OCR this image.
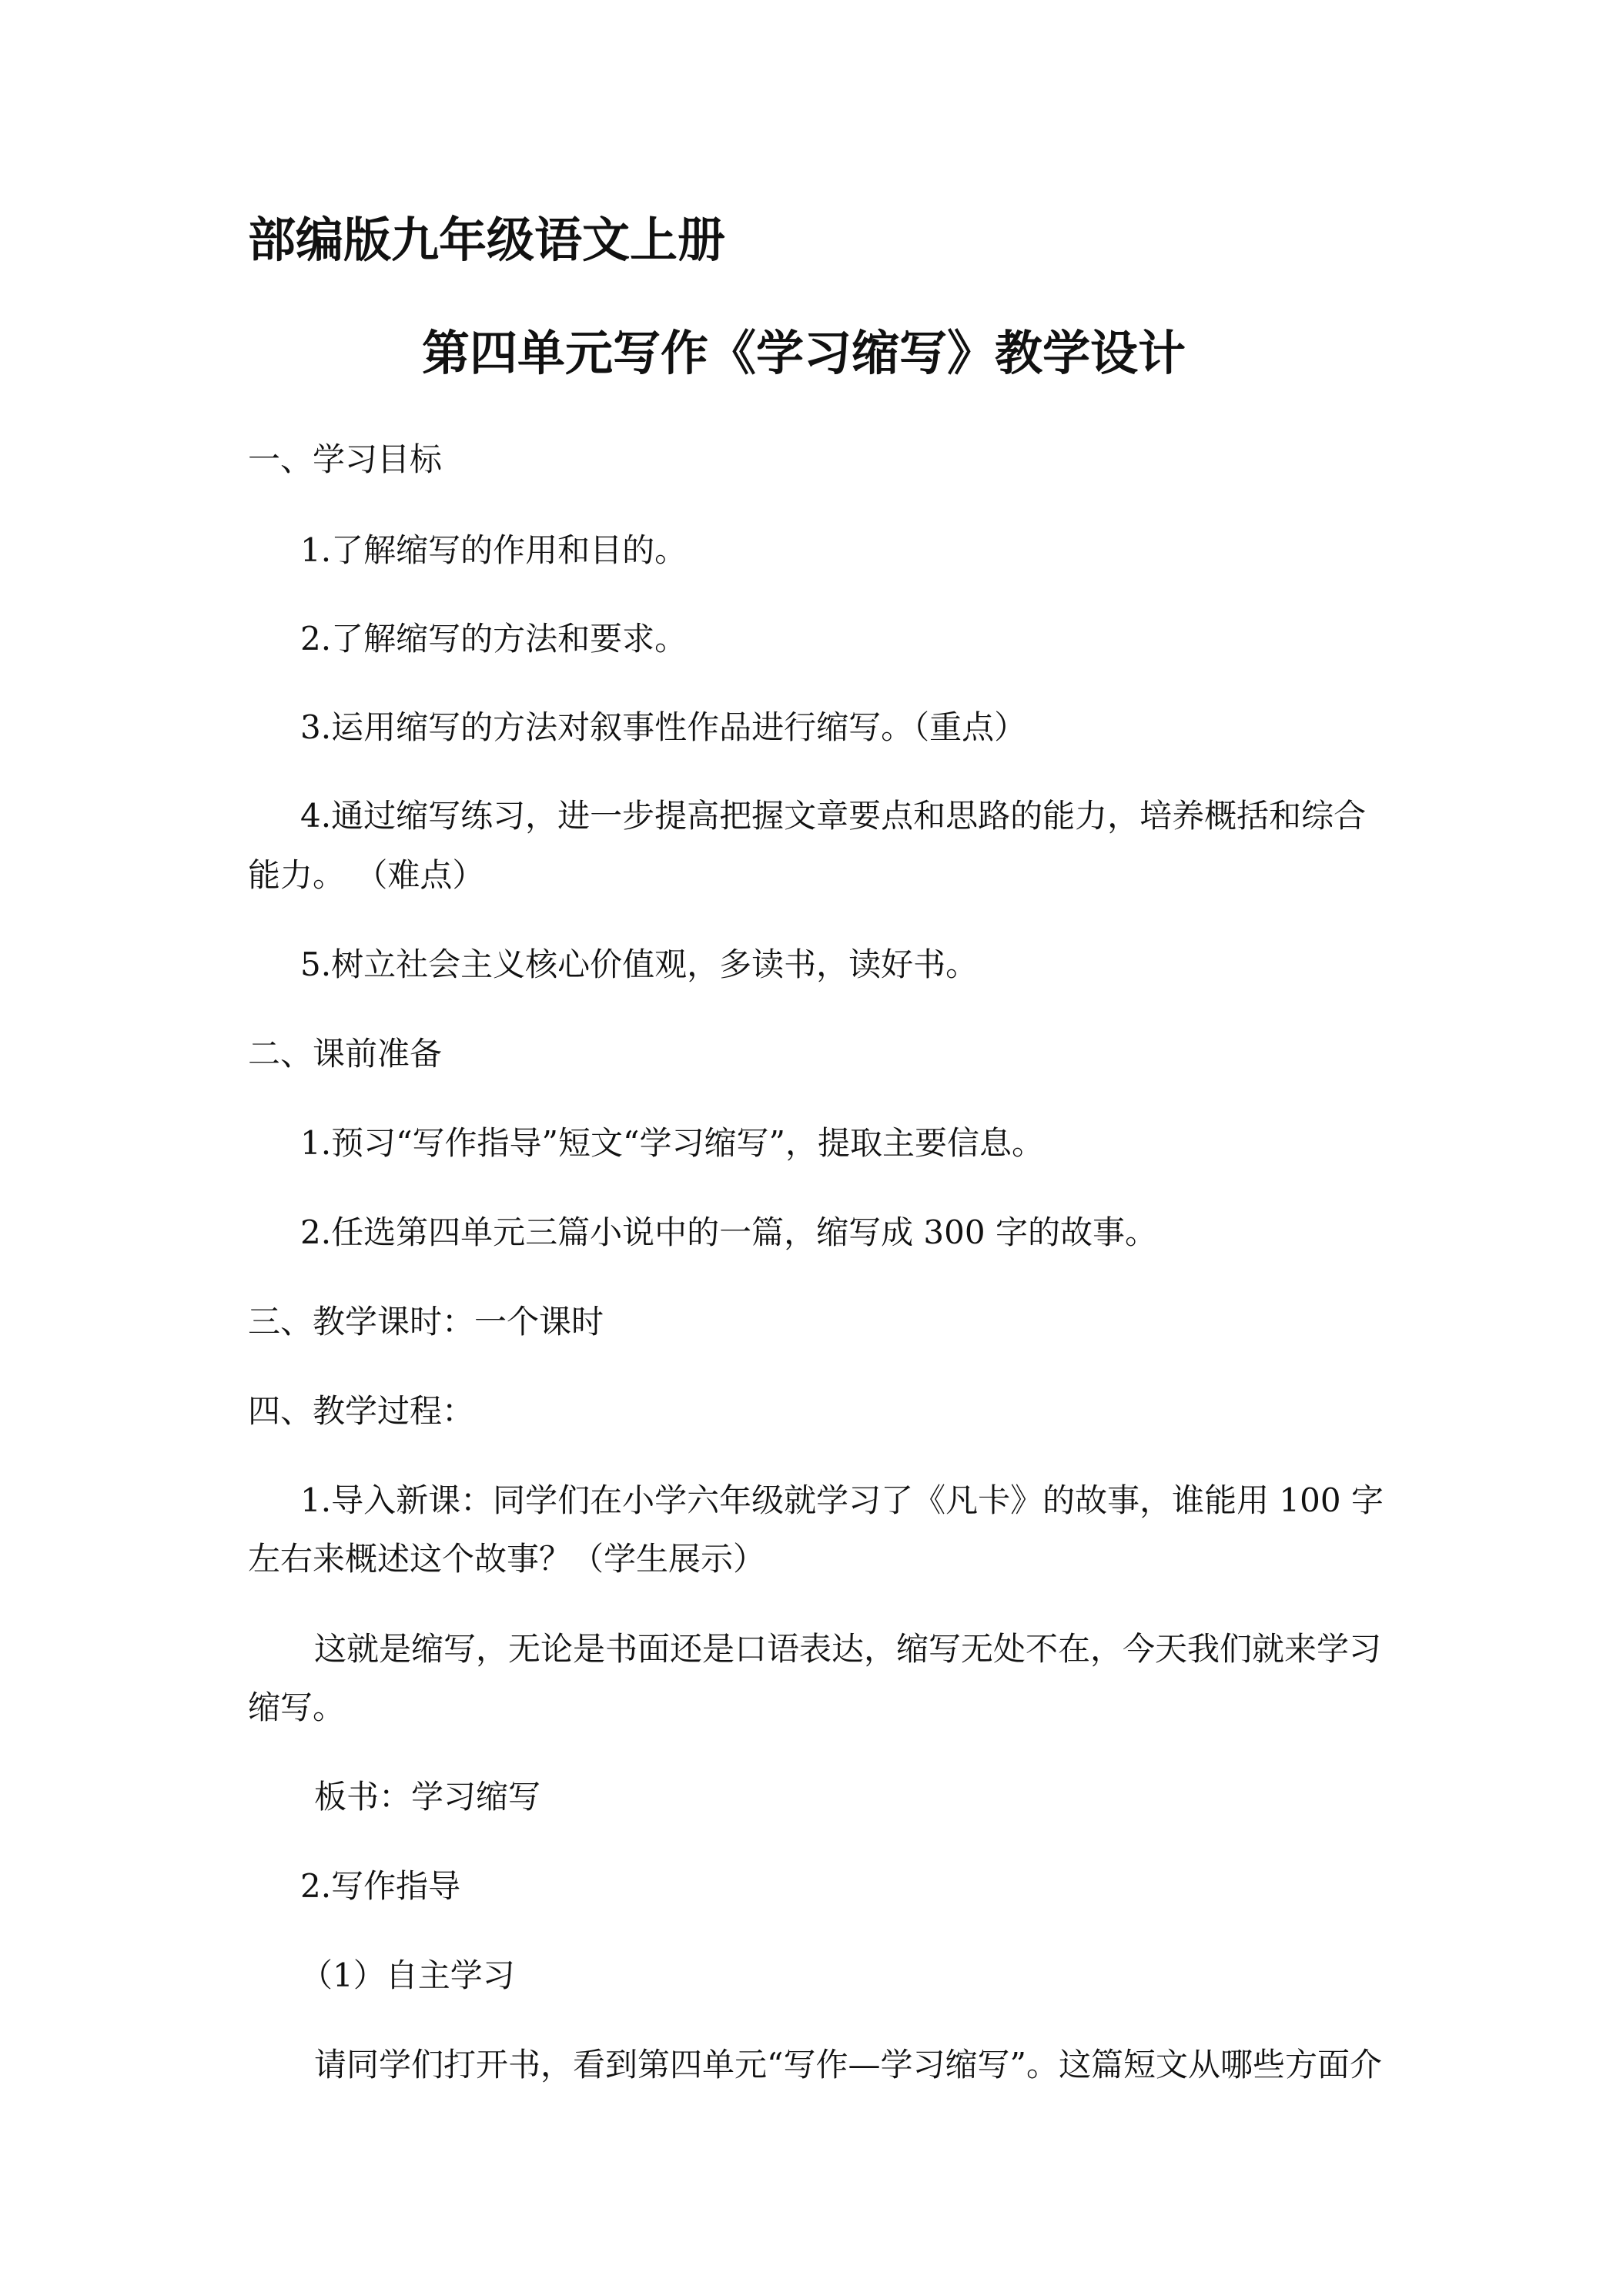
部编版九年级语文上册
第四单元写作《学习缩写》教学设计

一、学习目标

1.了解缩写的作用和目的。

2.了解缩写的方法和要求。

3.运用缩写的方法对叙事性作品进行缩写。（重点）

4.通过缩写练习，进一步提高把握文章要点和思路的能力，培养概括和综合

能力。 （难点）

5.树立社会主义核心价值观，多读书，读好书。

二、课前准备

1.预习“写作指导”短文“学习缩写”，提取主要信息。

2.任选第四单元三篇小说中的一篇，缩写成 300 字的故事。

三、教学课时：一个课时

四、教学过程：

1.导入新课：同学们在小学六年级就学习了《凡卡》的故事，谁能用 100 字

左右来概述这个故事？（学生展示）

这就是缩写，无论是书面还是口语表达，缩写无处不在，今天我们就来学习

缩写。

板书：学习缩写

2.写作指导

（1）自主学习

请同学们打开书，看到第四单元“写作—学习缩写”。这篇短文从哪些方面介
